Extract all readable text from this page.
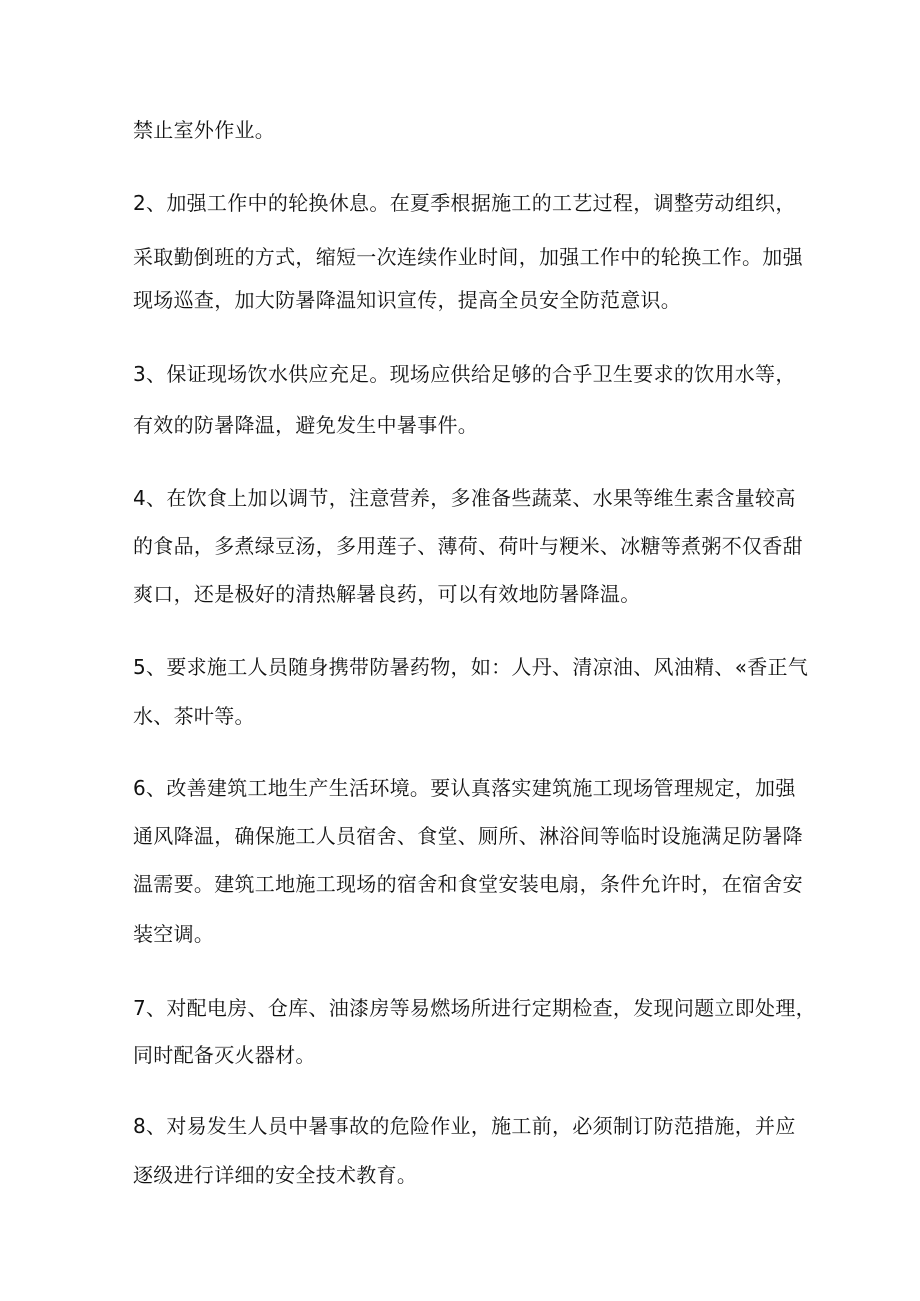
禁止室外作业。
2、加强工作中的轮换休息。在夏季根据施工的工艺过程，调整劳动组织，
采取勤倒班的方式，缩短一次连续作业时间，加强工作中的轮换工作。加强
现场巡查，加大防暑降温知识宣传，提高全员安全防范意识。
3、保证现场饮水供应充足。现场应供给足够的合乎卫生要求的饮用水等，
有效的防暑降温，避免发生中暑事件。
4、在饮食上加以调节，注意营养，多准备些蔬菜、水果等维生素含量较高
的食品，多煮绿豆汤，多用莲子、薄荷、荷叶与粳米、冰糖等煮粥不仅香甜
爽口，还是极好的清热解暑良药，可以有效地防暑降温。
5、要求施工人员随身携带防暑药物，如：人丹、清凉油、风油精、«香正气
水、茶叶等。
6、改善建筑工地生产生活环境。要认真落实建筑施工现场管理规定，加强
通风降温，确保施工人员宿舍、食堂、厕所、淋浴间等临时设施满足防暑降
温需要。建筑工地施工现场的宿舍和食堂安装电扇，条件允许时，在宿舍安
装空调。
7、对配电房、仓库、油漆房等易燃场所进行定期检查，发现问题立即处理，
同时配备灭火器材。
8、对易发生人员中暑事故的危险作业，施工前，必须制订防范措施，并应
逐级进行详细的安全技术教育。
